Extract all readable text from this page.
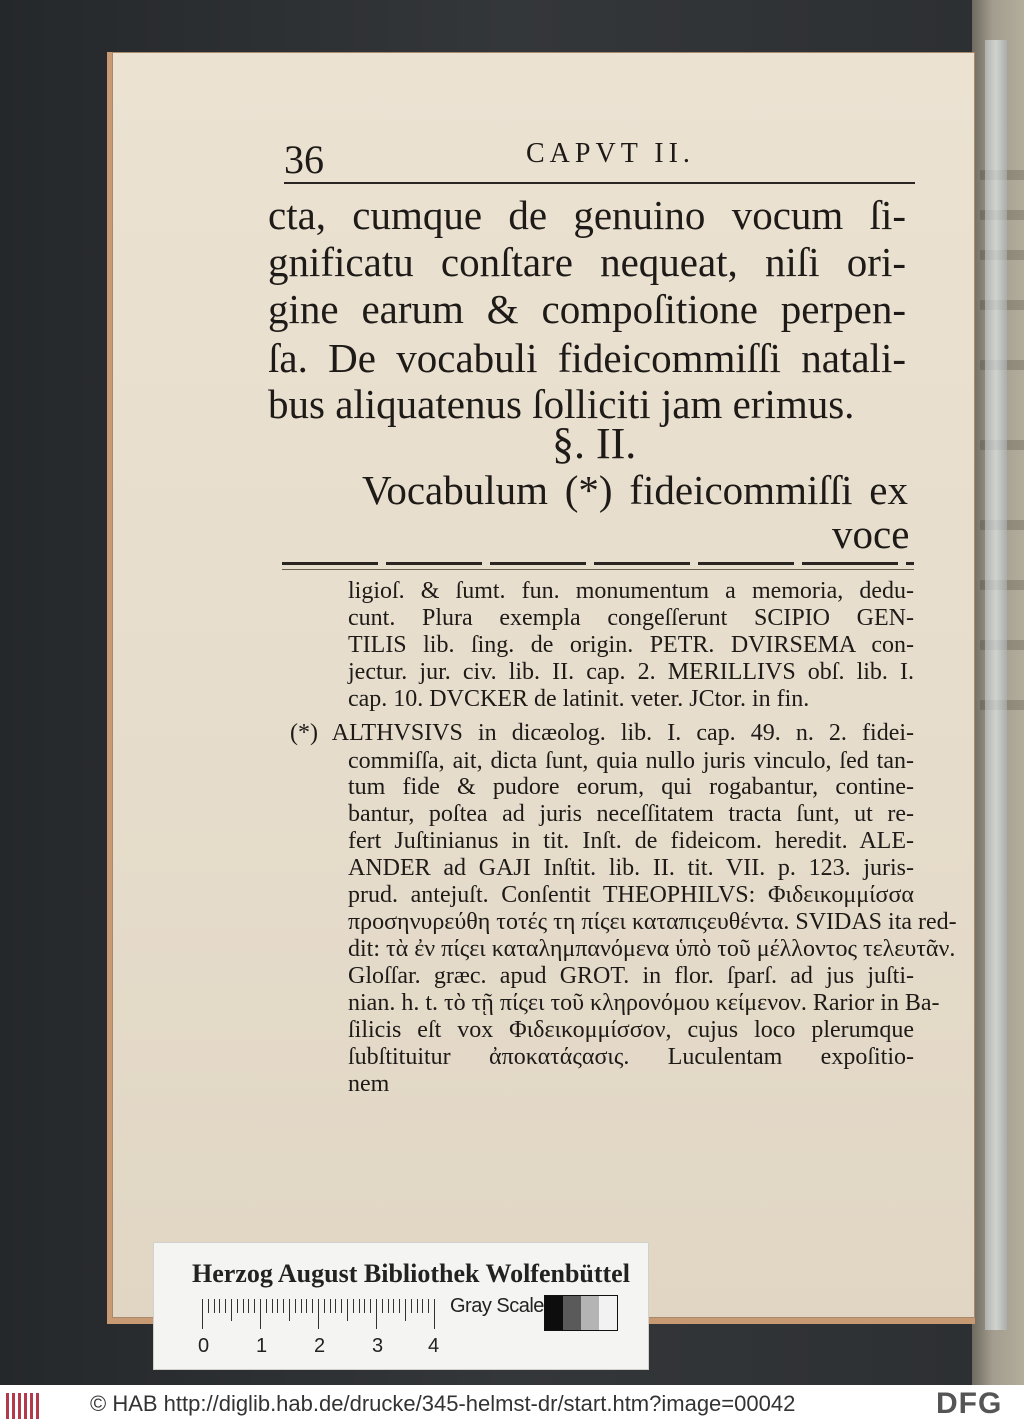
36	CAPVT II.
cta, cumque de genuino vocum ſi-
gnificatu conſtare nequeat, niſi ori-
gine earum & compoſitione perpen-
ſa. De vocabuli fideicommiſſi natali-
bus aliquatenus ſolliciti jam erimus.
§. II.
Vocabulum (*) fideicommiſſi ex
voce
ligioſ. & ſumt. fun. monumentum a memoria, dedu-
cunt. Plura exempla congeſſerunt SCIPIO GEN-
TILIS lib. ſing. de origin. PETR. DVIRSEMA con-
jectur. jur. civ. lib. II. cap. 2. MERILLIVS obſ. lib. I.
cap. 10. DVCKER de latinit. veter. JCtor. in fin.
(*) ALTHVSIVS in dicæolog. lib. I. cap. 49. n. 2. fidei-
commiſſa, ait, dicta ſunt, quia nullo juris vinculo, ſed tan-
tum fide & pudore eorum, qui rogabantur, contine-
bantur, poſtea ad juris neceſſitatem tracta ſunt, ut re-
fert Juſtinianus in tit. Inſt. de fideicom. heredit. ALE-
ANDER ad GAJI Inſtit. lib. II. tit. VII. p. 123. juris-
prud. antejuſt. Conſentit THEOPHILVS: Φιδεικομμίσσα
προσηνυρεύθη τοτές τη πίςει καταπιςευθέντα. SVIDAS ita red-
dit: τὰ ἐν πίςει καταλημπανόμενα ὑπὸ τοῦ μέλλοντος τελευτᾶν.
Gloſſar. græc. apud GROT. in flor. ſparſ. ad jus juſti-
nian. h. t. τὸ τῇ πίςει τοῦ κληρονόμου κείμενον. Rarior in Ba-
ſilicis eſt vox Φιδεικομμίσσον, cujus loco plerumque
ſubſtituitur ἀποκατάςασις. Luculentam expoſitio-
nem
Herzog August Bibliothek Wolfenbüttel
0 1 2 3 4
Gray Scale
© HAB http://diglib.hab.de/drucke/345-helmst-dr/start.htm?image=00042	DFG
